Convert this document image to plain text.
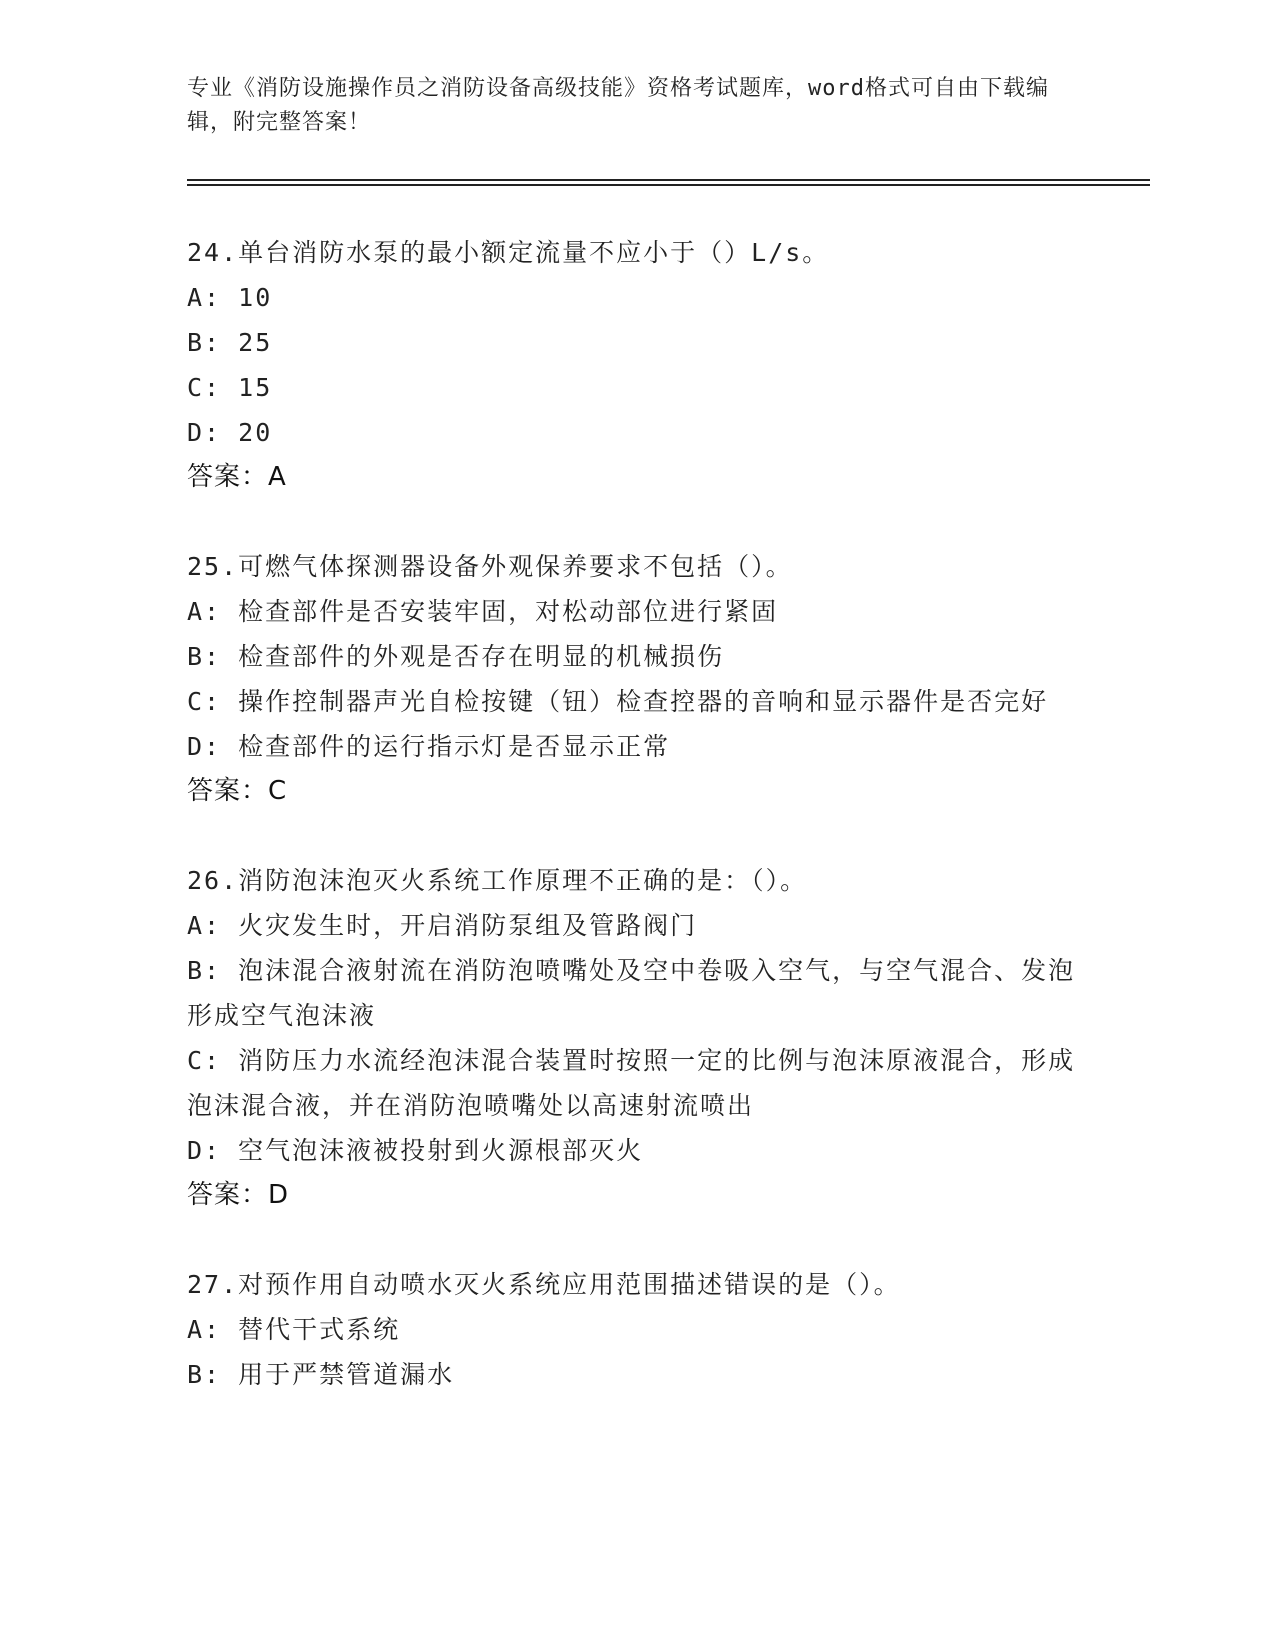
专业《消防设施操作员之消防设备高级技能》资格考试题库，word格式可自由下载编辑，附完整答案！
24.单台消防水泵的最小额定流量不应小于（）L/s。
A: 10
B: 25
C: 15
D: 20
答案：A
25.可燃气体探测器设备外观保养要求不包括（）。
A: 检查部件是否安装牢固，对松动部位进行紧固
B: 检查部件的外观是否存在明显的机械损伤
C: 操作控制器声光自检按键（钮）检查控器的音响和显示器件是否完好
D: 检查部件的运行指示灯是否显示正常
答案：C
26.消防泡沫泡灭火系统工作原理不正确的是：（）。
A: 火灾发生时，开启消防泵组及管路阀门
B: 泡沫混合液射流在消防泡喷嘴处及空中卷吸入空气，与空气混合、发泡形成空气泡沫液
C: 消防压力水流经泡沫混合装置时按照一定的比例与泡沫原液混合，形成泡沫混合液，并在消防泡喷嘴处以高速射流喷出
D: 空气泡沫液被投射到火源根部灭火
答案：D
27.对预作用自动喷水灭火系统应用范围描述错误的是（）。
A: 替代干式系统
B: 用于严禁管道漏水
